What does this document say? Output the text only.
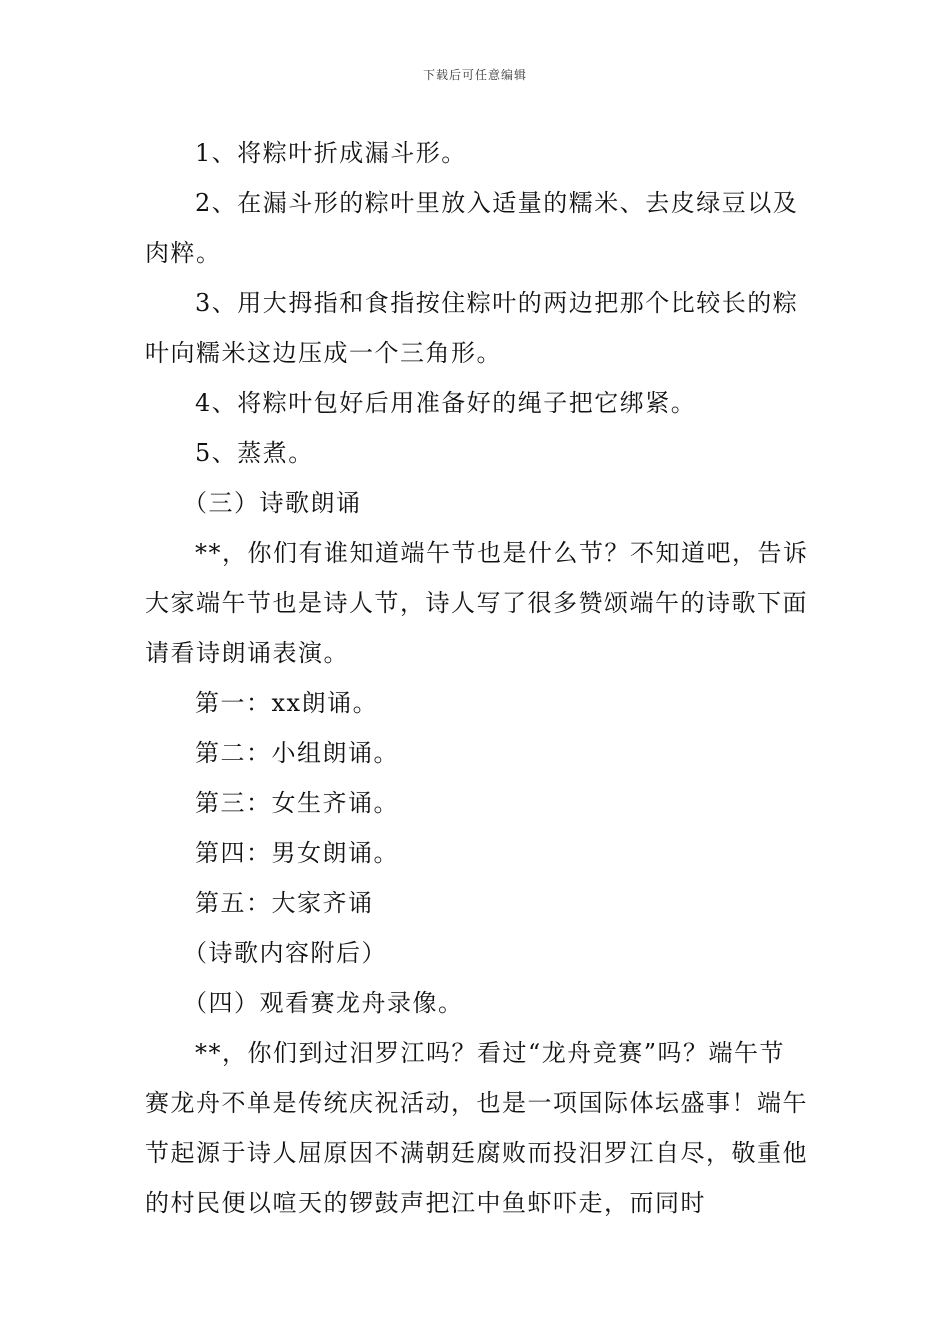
下载后可任意编辑

1、将粽叶折成漏斗形。

2、在漏斗形的粽叶里放入适量的糯米、去皮绿豆以及肉粹。

3、用大拇指和食指按住粽叶的两边把那个比较长的粽叶向糯米这边压成一个三角形。

4、将粽叶包好后用准备好的绳子把它绑紧。

5、蒸煮。

（三）诗歌朗诵

**，你们有谁知道端午节也是什么节？不知道吧，告诉大家端午节也是诗人节，诗人写了很多赞颂端午的诗歌下面请看诗朗诵表演。

第一：xx朗诵。

第二：小组朗诵。

第三：女生齐诵。

第四：男女朗诵。

第五：大家齐诵

（诗歌内容附后）

（四）观看赛龙舟录像。

**，你们到过汨罗江吗？看过“龙舟竞赛”吗？端午节赛龙舟不单是传统庆祝活动，也是一项国际体坛盛事！端午节起源于诗人屈原因不满朝廷腐败而投汨罗江自尽，敬重他的村民便以喧天的锣鼓声把江中鱼虾吓走，而同时
